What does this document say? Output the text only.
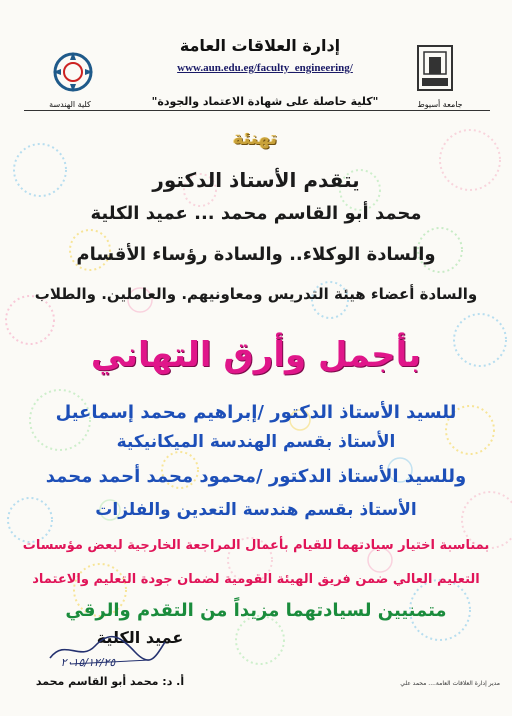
جامعة أسيوط
كلية الهندسة
إدارة العلاقات العامة
www.aun.edu.eg/faculty_engineering/
"كلية حاصلة على شهادة الاعتماد والجودة"
تهنئة
يتقدم الأستاذ الدكتور
محمد أبو القاسم محمد ... عميد الكلية
والسادة الوكلاء.. والسادة رؤساء الأقسام
والسادة أعضاء هيئة التدريس ومعاونيهم. والعاملين. والطلاب
بأجمل وأرق التهاني
للسيد الأستاذ الدكتور /إبراهيم محمد إسماعيل
الأستاذ بقسم الهندسة الميكانيكية
وللسيد الأستاذ الدكتور /محمود محمد أحمد محمد
الأستاذ بقسم هندسة التعدين والفلزات
بمناسبة اختيار سيادتهما للقيام بأعمال المراجعة الخارجية لبعض مؤسسات
التعليم العالي ضمن فريق الهيئة القومية لضمان جودة التعليم والاعتماد
متمنيين لسيادتهما مزيداً من التقدم والرقي
عميد الكلية
٢٠١٥/١٢/٢٥
أ. د: محمد أبو القاسم محمد	مدير إدارة العلاقات العامة.... محمد علي
